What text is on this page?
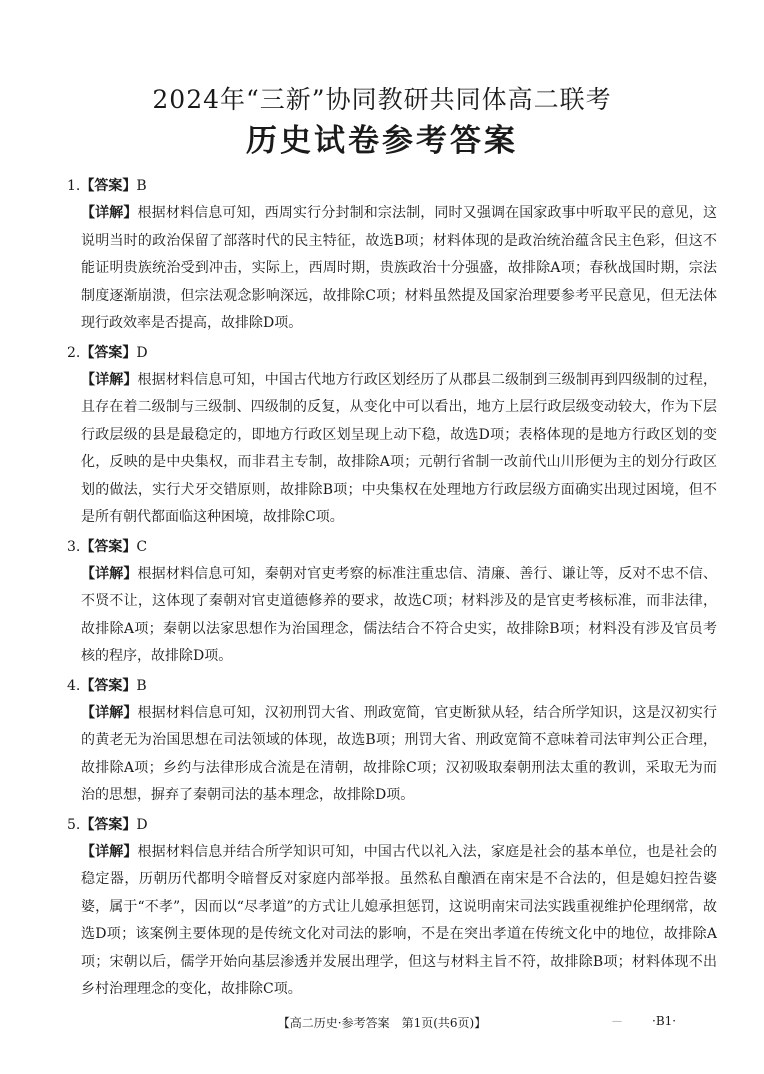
2024年“三新”协同教研共同体高二联考
历史试卷参考答案

1.【答案】B

【详解】根据材料信息可知，西周实行分封制和宗法制，同时又强调在国家政事中听取平民的意见，这说明当时的政治保留了部落时代的民主特征，故选B项；材料体现的是政治统治蕴含民主色彩，但这不能证明贵族统治受到冲击，实际上，西周时期，贵族政治十分强盛，故排除A项；春秋战国时期，宗法制度逐渐崩溃，但宗法观念影响深远，故排除C项；材料虽然提及国家治理要参考平民意见，但无法体现行政效率是否提高，故排除D项。

2.【答案】D

【详解】根据材料信息可知，中国古代地方行政区划经历了从郡县二级制到三级制再到四级制的过程，且存在着二级制与三级制、四级制的反复，从变化中可以看出，地方上层行政层级变动较大，作为下层行政层级的县是最稳定的，即地方行政区划呈现上动下稳，故选D项；表格体现的是地方行政区划的变化，反映的是中央集权，而非君主专制，故排除A项；元朝行省制一改前代山川形便为主的划分行政区划的做法，实行犬牙交错原则，故排除B项；中央集权在处理地方行政层级方面确实出现过困境，但不是所有朝代都面临这种困境，故排除C项。

3.【答案】C

【详解】根据材料信息可知，秦朝对官吏考察的标准注重忠信、清廉、善行、谦让等，反对不忠不信、不贤不让，这体现了秦朝对官吏道德修养的要求，故选C项；材料涉及的是官吏考核标准，而非法律，故排除A项；秦朝以法家思想作为治国理念，儒法结合不符合史实，故排除B项；材料没有涉及官员考核的程序，故排除D项。

4.【答案】B

【详解】根据材料信息可知，汉初刑罚大省、刑政宽简，官吏断狱从轻，结合所学知识，这是汉初实行的黄老无为治国思想在司法领域的体现，故选B项；刑罚大省、刑政宽简不意味着司法审判公正合理，故排除A项；乡约与法律形成合流是在清朝，故排除C项；汉初吸取秦朝刑法太重的教训，采取无为而治的思想，摒弃了秦朝司法的基本理念，故排除D项。

5.【答案】D

【详解】根据材料信息并结合所学知识可知，中国古代以礼入法，家庭是社会的基本单位，也是社会的稳定器，历朝历代都明令暗督反对家庭内部举报。虽然私自酿酒在南宋是不合法的，但是媳妇控告婆婆，属于“不孝”，因而以“尽孝道”的方式让儿媳承担惩罚，这说明南宋司法实践重视维护伦理纲常，故选D项；该案例主要体现的是传统文化对司法的影响，不是在突出孝道在传统文化中的地位，故排除A项；宋朝以后，儒学开始向基层渗透并发展出理学，但这与材料主旨不符，故排除B项；材料体现不出乡村治理理念的变化，故排除C项。

【高二历史·参考答案　第1页(共6页)】	—	·B1·
